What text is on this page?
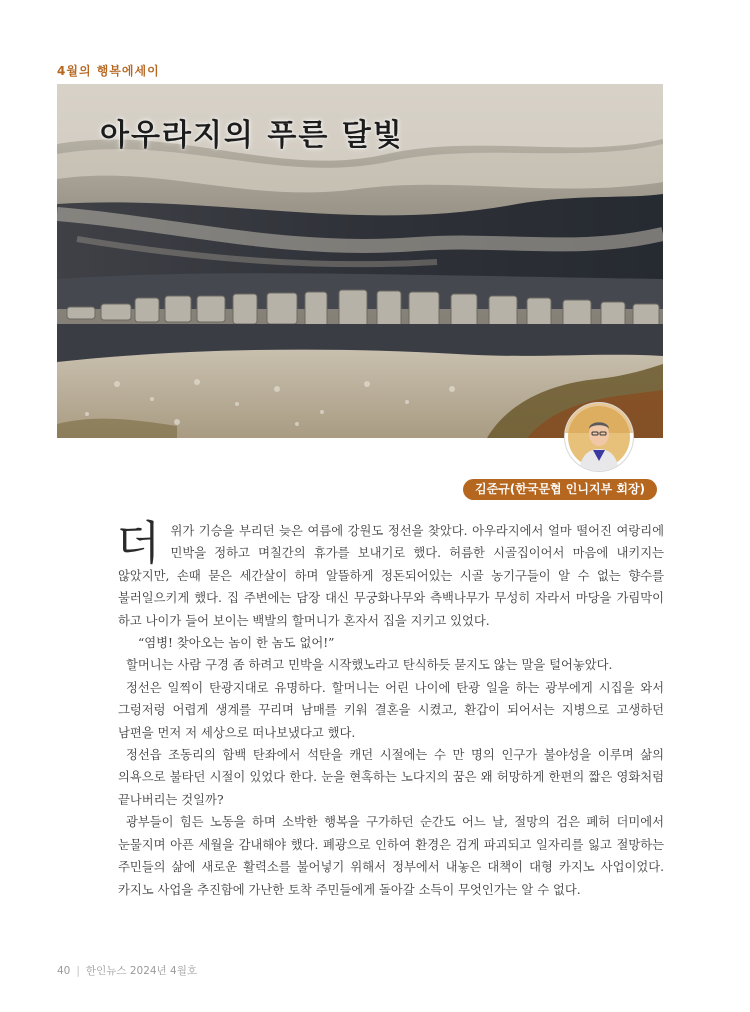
4월의 행복에세이
아우라지의 푸른 달빛
김준규(한국문협 인니지부 회장)

더위가 기승을 부리던 늦은 여름에 강원도 정선을 찾았다. 아우라지에서 얼마 떨어진 여랑리에 민박을 정하고 며칠간의 휴가를 보내기로 했다. 허름한 시골집이어서 마음에 내키지는 않았지만, 손때 묻은 세간살이 하며 알뜰하게 정돈되어있는 시골 농기구들이 알 수 없는 향수를 불러일으키게 했다. 집 주변에는 담장 대신 무궁화나무와 측백나무가 무성히 자라서 마당을 가림막이 하고 나이가 들어 보이는 백발의 할머니가 혼자서 집을 지키고 있었다.

“염병! 찾아오는 놈이 한 놈도 없어!”

할머니는 사람 구경 좀 하려고 민박을 시작했노라고 탄식하듯 묻지도 않는 말을 털어놓았다.

정선은 일찍이 탄광지대로 유명하다. 할머니는 어린 나이에 탄광 일을 하는 광부에게 시집을 와서 그렁저렁 어렵게 생계를 꾸리며 남매를 키워 결혼을 시켰고, 환갑이 되어서는 지병으로 고생하던 남편을 먼저 저 세상으로 떠나보냈다고 했다.

정선읍 조동리의 함백 탄좌에서 석탄을 캐던 시절에는 수 만 명의 인구가 불야성을 이루며 삶의 의욕으로 불타던 시절이 있었다 한다. 눈을 현혹하는 노다지의 꿈은 왜 허망하게 한편의 짧은 영화처럼 끝나버리는 것일까?

광부들이 힘든 노동을 하며 소박한 행복을 구가하던 순간도 어느 날, 절망의 검은 폐허 더미에서 눈물지며 아픈 세월을 감내해야 했다. 폐광으로 인하여 환경은 검게 파괴되고 일자리를 잃고 절망하는 주민들의 삶에 새로운 활력소를 불어넣기 위해서 정부에서 내놓은 대책이 대형 카지노 사업이었다. 카지노 사업을 추진함에 가난한 토착 주민들에게 돌아갈 소득이 무엇인가는 알 수 없다.

40 | 한인뉴스 2024년 4월호
